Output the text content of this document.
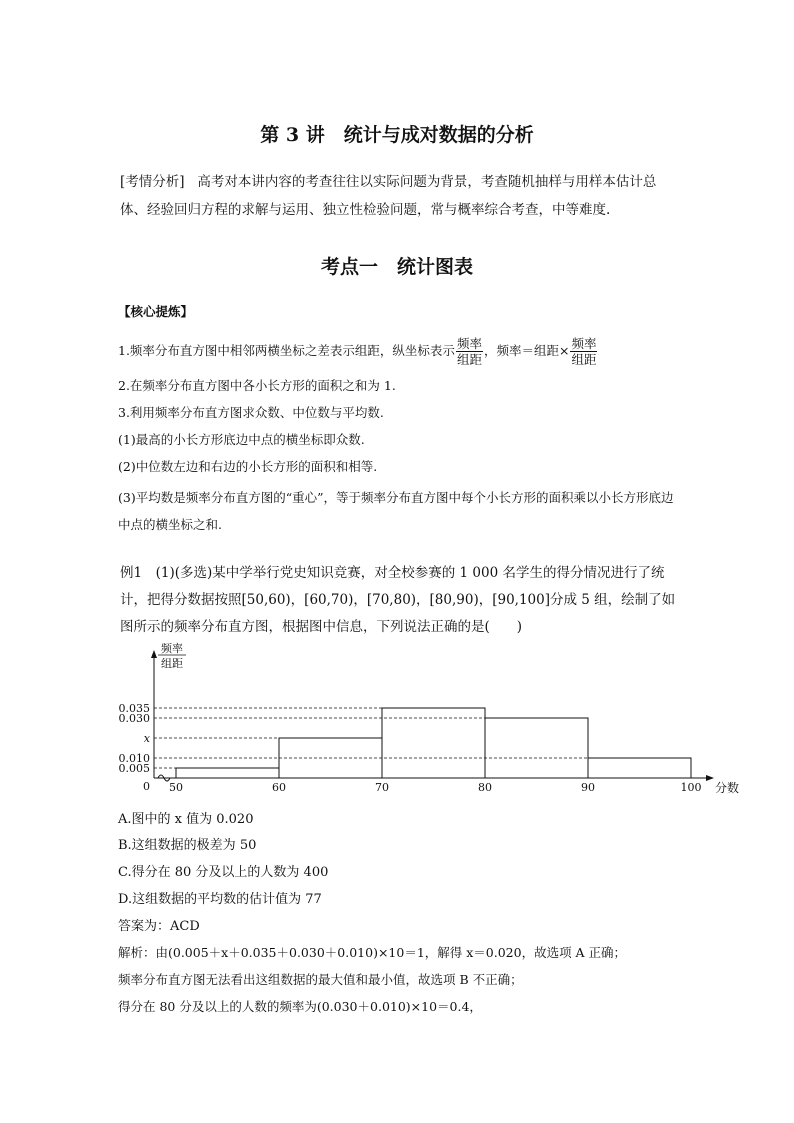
第 3 讲　统计与成对数据的分析
[考情分析] 高考对本讲内容的考查往往以实际问题为背景，考查随机抽样与用样本估计总体、经验回归方程的求解与运用、独立性检验问题，常与概率综合考查，中等难度.
考点一　统计图表
【核心提炼】
1.频率分布直方图中相邻两横坐标之差表示组距，纵坐标表示 $\frac{\text{频率}}{\text{组距}}$ ，频率＝组距× $\frac{\text{频率}}{\text{组距}}$
2.在频率分布直方图中各小长方形的面积之和为 1.
3.利用频率分布直方图求众数、中位数与平均数.
(1)最高的小长方形底边中点的横坐标即众数.
(2)中位数左边和右边的小长方形的面积和相等.
(3)平均数是频率分布直方图的“重心”，等于频率分布直方图中每个小长方形的面积乘以小长方形底边中点的横坐标之和.
例1　(1)(多选)某中学举行党史知识竞赛，对全校参赛的 1 000 名学生的得分情况进行了统计，把得分数据按照[50,60)，[60,70)，[70,80)，[80,90)，[90,100]分成 5 组，绘制了如图所示的频率分布直方图，根据图中信息，下列说法正确的是(　　)
0.005
0.010
x
0.030
0.035
0 50	60	70	80	90	100 分数
频率
组距
A.图中的 x 值为 0.020
B.这组数据的极差为 50
C.得分在 80 分及以上的人数为 400
D.这组数据的平均数的估计值为 77
答案为：ACD
解析：由(0.005＋x＋0.035＋0.030＋0.010)×10＝1，解得 x＝0.020，故选项 A 正确；
频率分布直方图无法看出这组数据的最大值和最小值，故选项 B 不正确；
得分在 80 分及以上的人数的频率为(0.030＋0.010)×10＝0.4，
